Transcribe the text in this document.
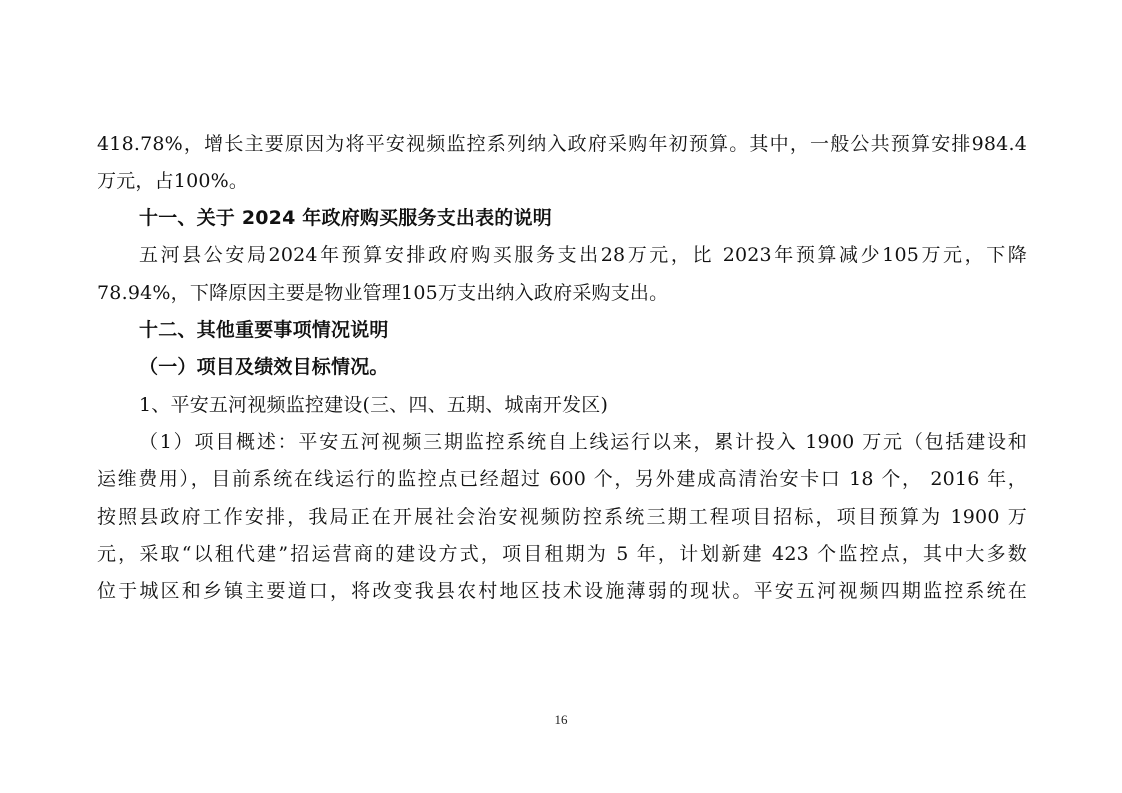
418.78%，增长主要原因为将平安视频监控系列纳入政府采购年初预算。其中，一般公共预算安排984.4
万元，占100%。
十一、关于 2024 年政府购买服务支出表的说明
五河县公安局2024年预算安排政府购买服务支出28万元，比 2023年预算减少105万元，下降
78.94%，下降原因主要是物业管理105万支出纳入政府采购支出。
十二、其他重要事项情况说明
（一）项目及绩效目标情况。
1、平安五河视频监控建设(三、四、五期、城南开发区)
（1）项目概述：平安五河视频三期监控系统自上线运行以来，累计投入 1900 万元（包括建设和
运维费用），目前系统在线运行的监控点已经超过 600 个，另外建成高清治安卡口 18 个， 2016 年，
按照县政府工作安排，我局正在开展社会治安视频防控系统三期工程项目招标，项目预算为 1900 万
元，采取“以租代建”招运营商的建设方式，项目租期为 5 年，计划新建 423 个监控点，其中大多数
位于城区和乡镇主要道口，将改变我县农村地区技术设施薄弱的现状。平安五河视频四期监控系统在
16
